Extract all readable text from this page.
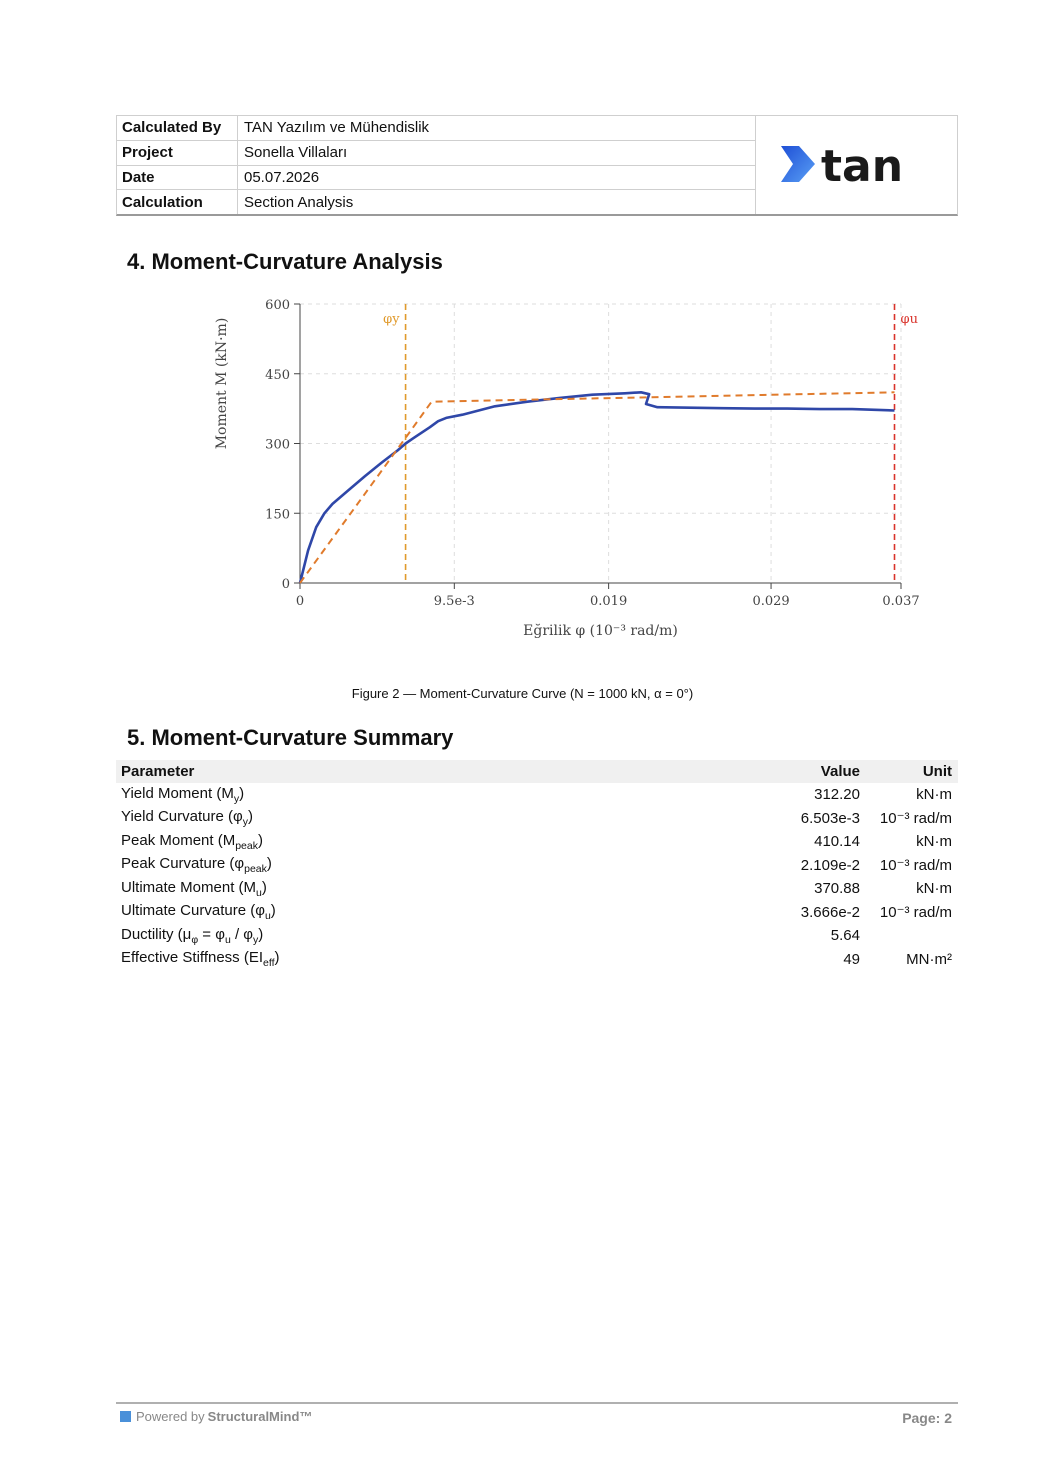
Calculated By	TAN Yazılım ve Mühendislik
Project	Sonella Villaları
Date	05.07.2026
Calculation	Section Analysis
tan
4. Moment-Curvature Analysis
0
150
300
450
600
0	9.5e-3	0.019	0.029	0.037
Eğrilik φ (10⁻³ rad/m)
Moment M (kN·m)	φy	φu
Figure 2 — Moment-Curvature Curve (N = 1000 kN, α = 0°)
5. Moment-Curvature Summary
Parameter	Value	Unit
Yield Moment $(M_y)$	312.20	kN·m
Yield Curvature $(\varphi_y)$	6.503e-3	10⁻³ rad/m
Peak Moment $(M_{peak})$	410.14	kN·m
Peak Curvature $(\varphi_{peak})$	2.109e-2	10⁻³ rad/m
Ultimate Moment $(M_u)$	370.88	kN·m
Ultimate Curvature $(\varphi_u)$	3.666e-2	10⁻³ rad/m
Ductility $(\mu_\varphi = \varphi_u / \varphi_y)$	5.64
Effective Stiffness $(EI_{eff})$	49	MN·m²
Powered by StructuralMind™	Page: 2
